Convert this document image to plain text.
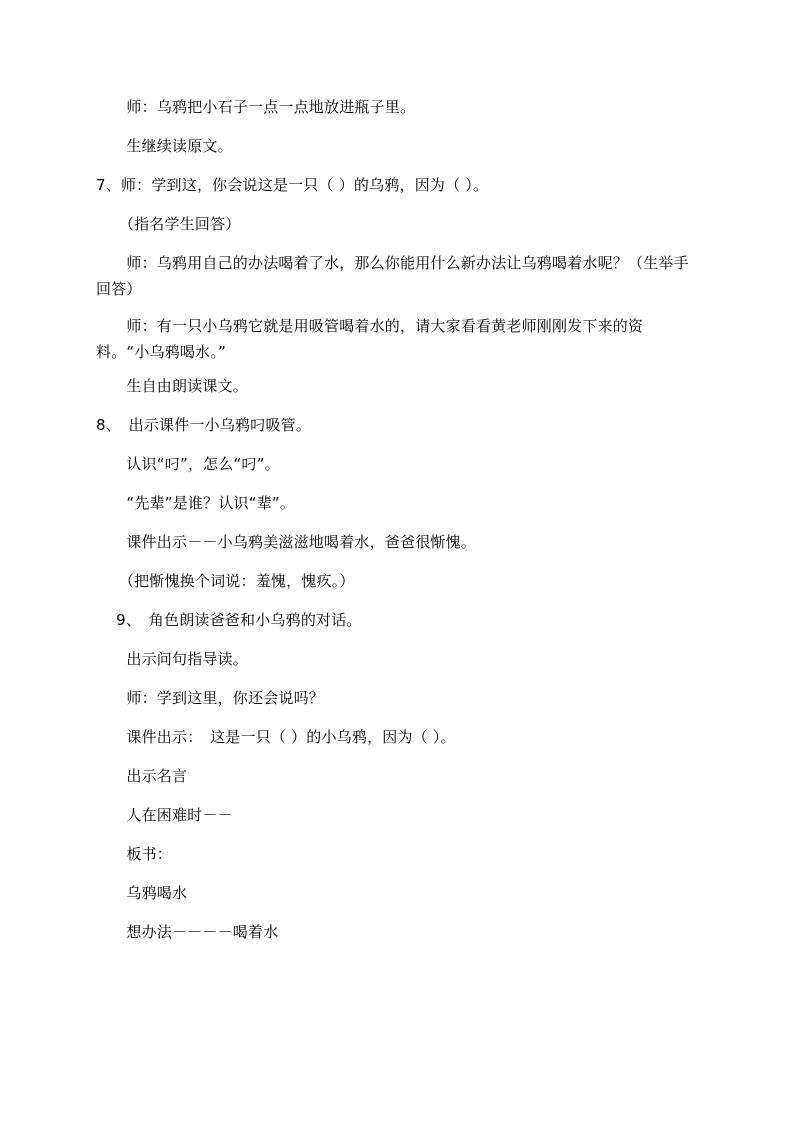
　　师：乌鸦把小石子一点一点地放进瓶子里。

　　生继续读原文。

7、师：学到这，你会说这是一只（ ）的乌鸦，因为（ ）。

　　（指名学生回答）

　　师：乌鸦用自己的办法喝着了水，那么你能用什么新办法让乌鸦喝着水呢？（生举手回答）

　　师：有一只小乌鸦它就是用吸管喝着水的，请大家看看黄老师刚刚发下来的资料。“小乌鸦喝水。”

　　生自由朗读课文。

8、　出示课件一小乌鸦叼吸管。

　　认识“叼”，怎么“叼”。

　　“先辈”是谁？认识“辈”。

　　课件出示－－小乌鸦美滋滋地喝着水，爸爸很惭愧。

　　（把惭愧换个词说：羞愧，愧疚。）

　 9、　角色朗读爸爸和小乌鸦的对话。

　　出示问句指导读。

　　师：学到这里，你还会说吗？

　　课件出示：　这是一只（ ）的小乌鸦，因为（ ）。

　　出示名言

　　人在困难时－－

　　板书：

　　乌鸦喝水

　　想办法－－－－喝着水
